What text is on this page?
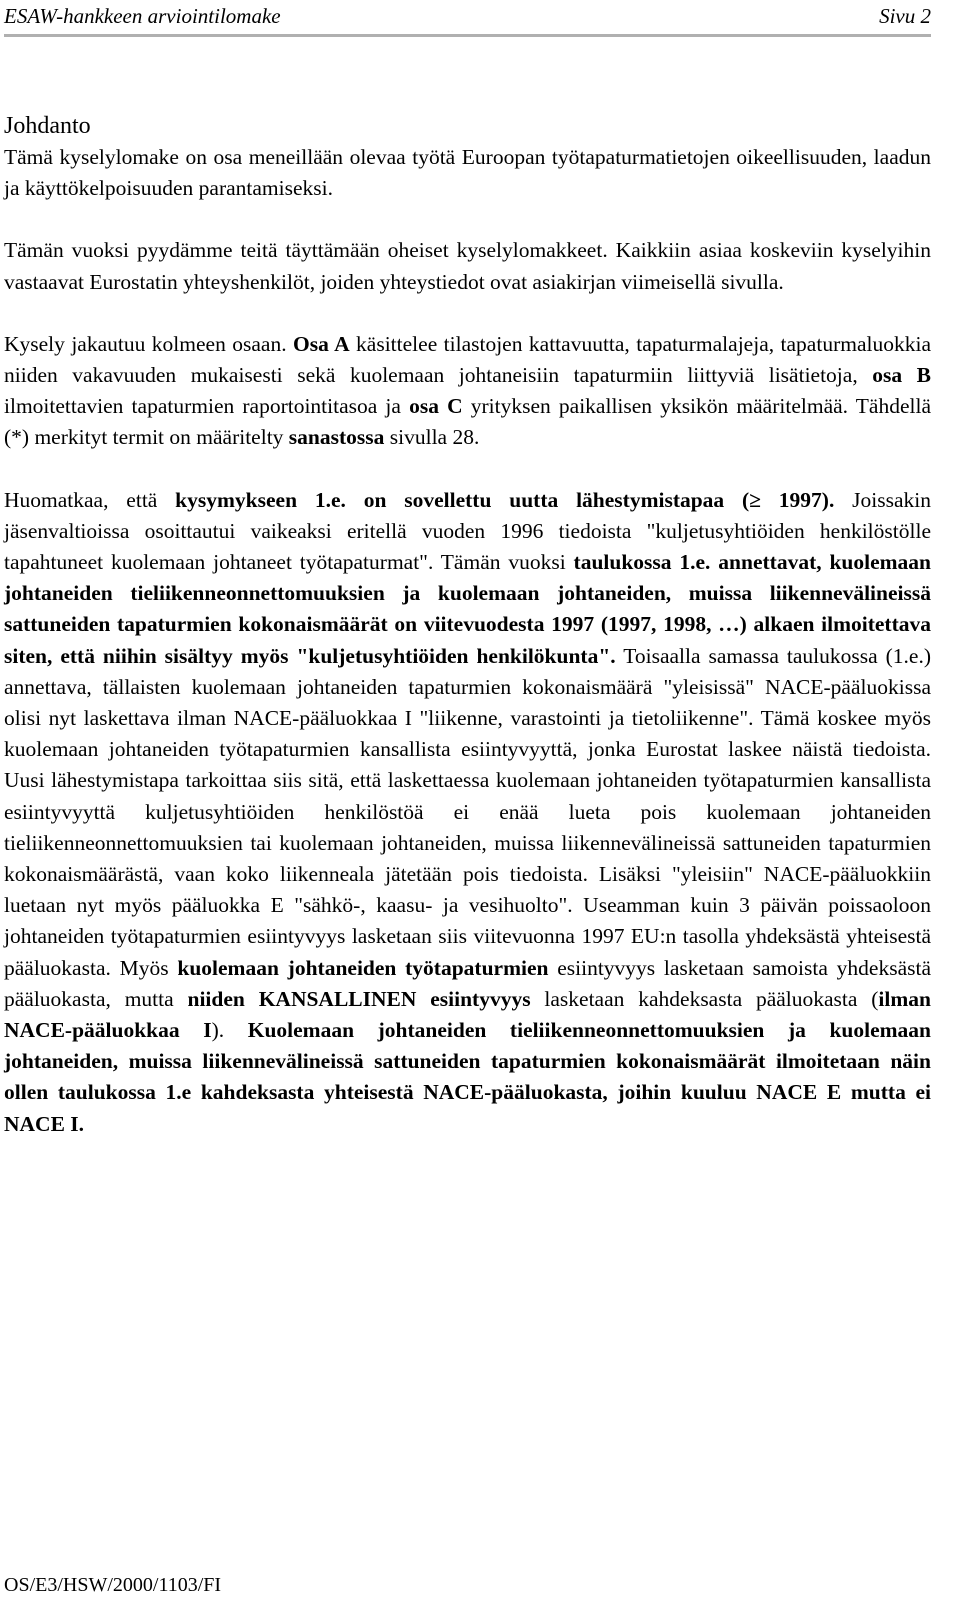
ESAW-hankkeen arviointilomake	Sivu 2
Johdanto

Tämä kyselylomake on osa meneillään olevaa työtä Euroopan työtapaturmatietojen oikeellisuuden, laadun ja käyttökelpoisuuden parantamiseksi.

Tämän vuoksi pyydämme teitä täyttämään oheiset kyselylomakkeet. Kaikkiin asiaa koskeviin kyselyihin vastaavat Eurostatin yhteyshenkilöt, joiden yhteystiedot ovat asiakirjan viimeisellä sivulla.

Kysely jakautuu kolmeen osaan. Osa A käsittelee tilastojen kattavuutta, tapaturmalajeja, tapaturmaluokkia niiden vakavuuden mukaisesti sekä kuolemaan johtaneisiin tapaturmiin liittyviä lisätietoja, osa B ilmoitettavien tapaturmien raportointitasoa ja osa C yrityksen paikallisen yksikön määritelmää. Tähdellä (*) merkityt termit on määritelty sanastossa sivulla 28.

Huomatkaa, että kysymykseen 1.e. on sovellettu uutta lähestymistapaa (≥ 1997). Joissakin jäsenvaltioissa osoittautui vaikeaksi eritellä vuoden 1996 tiedoista "kuljetusyhtiöiden henkilöstölle tapahtuneet kuolemaan johtaneet työtapaturmat". Tämän vuoksi taulukossa 1.e. annettavat, kuolemaan johtaneiden tieliikenneonnettomuuksien ja kuolemaan johtaneiden, muissa liikennevälineissä sattuneiden tapaturmien kokonaismäärät on viitevuodesta 1997 (1997, 1998, …) alkaen ilmoitettava siten, että niihin sisältyy myös "kuljetusyhtiöiden henkilökunta". Toisaalla samassa taulukossa (1.e.) annettava, tällaisten kuolemaan johtaneiden tapaturmien kokonaismäärä "yleisissä" NACE-pääluokissa olisi nyt laskettava ilman NACE-pääluokkaa I "liikenne, varastointi ja tietoliikenne". Tämä koskee myös kuolemaan johtaneiden työtapaturmien kansallista esiintyvyyttä, jonka Eurostat laskee näistä tiedoista. Uusi lähestymistapa tarkoittaa siis sitä, että laskettaessa kuolemaan johtaneiden työtapaturmien kansallista esiintyvyyttä kuljetusyhtiöiden henkilöstöä ei enää lueta pois kuolemaan johtaneiden tieliikenneonnettomuuksien tai kuolemaan johtaneiden, muissa liikennevälineissä sattuneiden tapaturmien kokonaismäärästä, vaan koko liikenneala jätetään pois tiedoista. Lisäksi "yleisiin" NACE-pääluokkiin luetaan nyt myös pääluokka E "sähkö-, kaasu- ja vesihuolto". Useamman kuin 3 päivän poissaoloon johtaneiden työtapaturmien esiintyvyys lasketaan siis viitevuonna 1997 EU:n tasolla yhdeksästä yhteisestä pääluokasta. Myös kuolemaan johtaneiden työtapaturmien esiintyvyys lasketaan samoista yhdeksästä pääluokasta, mutta niiden KANSALLINEN esiintyvyys lasketaan kahdeksasta pääluokasta (ilman NACE-pääluokkaa I). Kuolemaan johtaneiden tieliikenneonnettomuuksien ja kuolemaan johtaneiden, muissa liikennevälineissä sattuneiden tapaturmien kokonaismäärät ilmoitetaan näin ollen taulukossa 1.e kahdeksasta yhteisestä NACE-pääluokasta, joihin kuuluu NACE E mutta ei NACE I.

OS/E3/HSW/2000/1103/FI
